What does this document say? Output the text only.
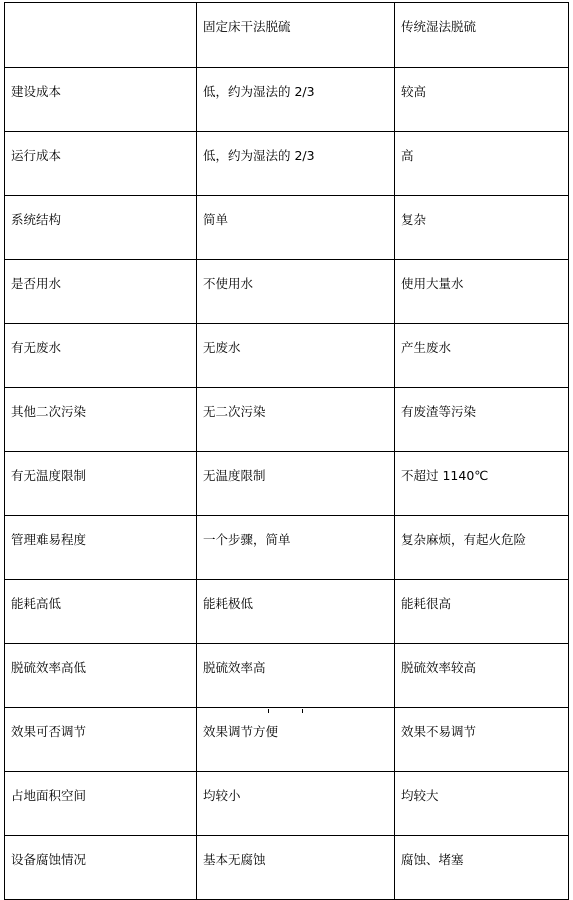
	固定床干法脱硫	传统湿法脱硫
建设成本	低，约为湿法的 2/3	较高
运行成本	低，约为湿法的 2/3	高
系统结构	简单	复杂
是否用水	不使用水	使用大量水
有无废水	无废水	产生废水
其他二次污染	无二次污染	有废渣等污染
有无温度限制	无温度限制	不超过 1140℃
管理难易程度	一个步骤，简单	复杂麻烦，有起火危险
能耗高低	能耗极低	能耗很高
脱硫效率高低	脱硫效率高	脱硫效率较高
效果可否调节	效果调节方便	效果不易调节
占地面积空间	均较小	均较大
设备腐蚀情况	基本无腐蚀	腐蚀、堵塞
